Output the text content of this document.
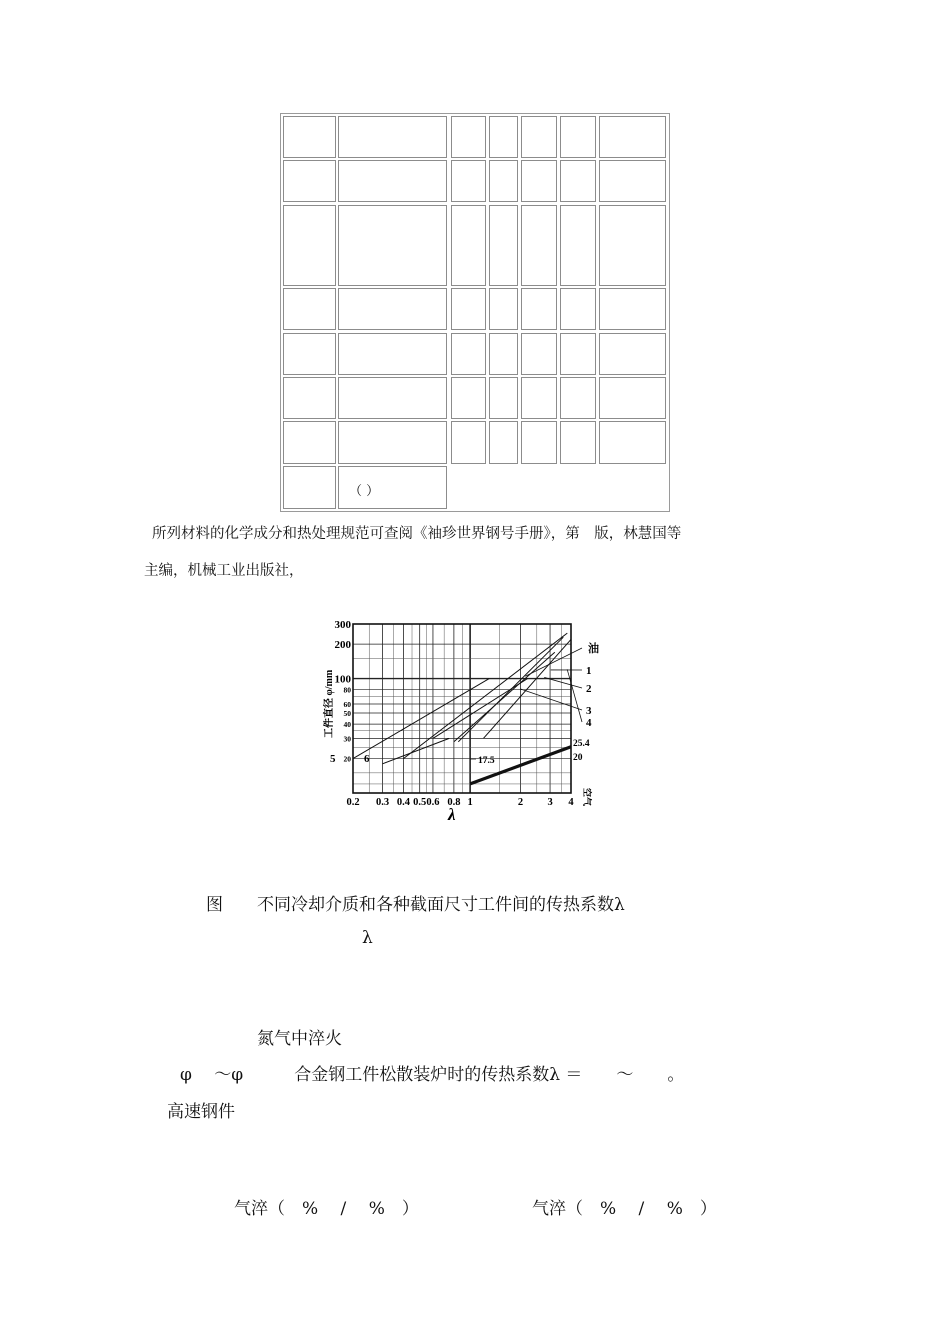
（ ）
所列材料的化学成分和热处理规范可查阅《袖珍世界钢号手册》，第　版，林慧国等
主编，机械工业出版社，
300
200
100
80
60
50
40
30
20
0.2 0.3 0.4 0.5 0.6 0.8 1	2 3 4
工件直径 φ/mm
λ
油
1
2
3
4
5	6
空气
25.4
20
17.5
图　　不同冷却介质和各种截面尺寸工件间的传热系数λ
λ
氮气中淬火
φ　 ～φ　　　合金钢工件松散装炉时的传热系数λ ＝　　～　　。
高速钢件
气淬（　%　 /　 %　）	气淬（　%　 /　 %　）
